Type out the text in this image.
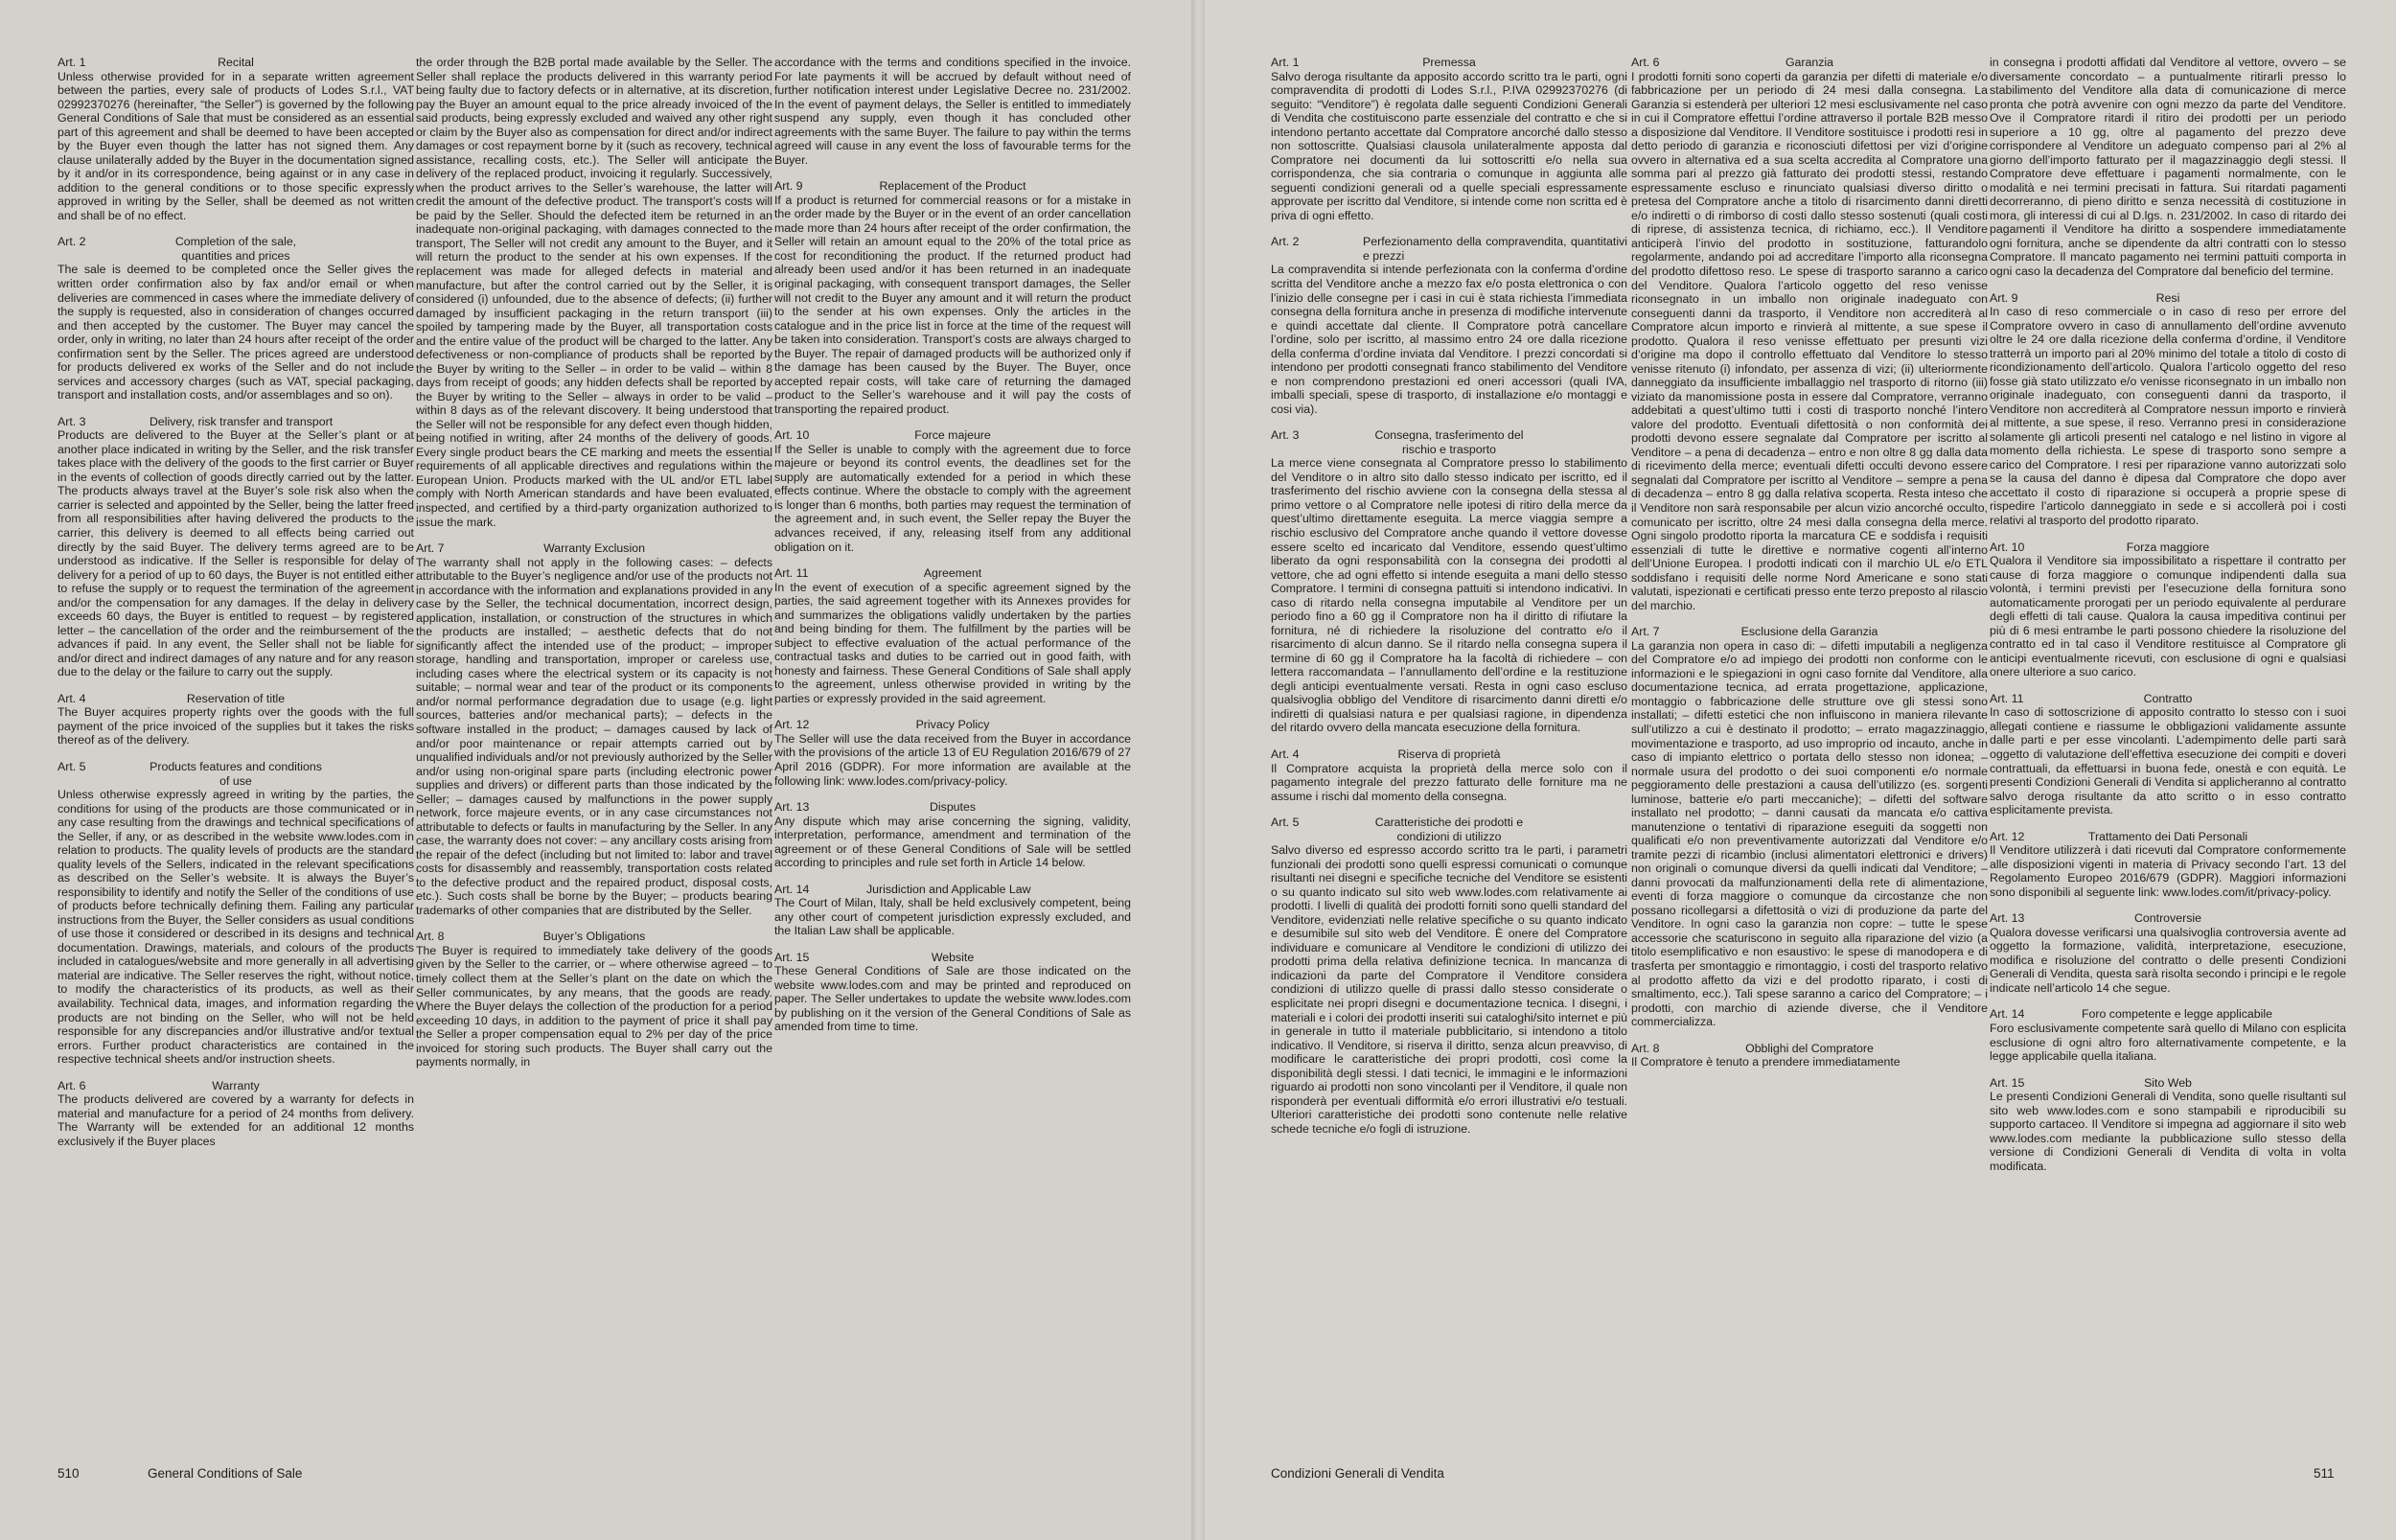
Art. 1	Recital

Unless otherwise provided for in a separate written agreement between the parties, every sale of products of Lodes S.r.l., VAT 02992370276 (hereinafter, “the Seller”) is governed by the following General Conditions of Sale that must be considered as an essential part of this agreement and shall be deemed to have been accepted by the Buyer even though the latter has not signed them. Any clause unilaterally added by the Buyer in the documentation signed by it and/or in its correspondence, being against or in any case in addition to the general conditions or to those specific expressly approved in writing by the Seller, shall be deemed as not written and shall be of no effect.

Art. 2	Completion of the sale, quantities and prices

The sale is deemed to be completed once the Seller gives the written order confirmation also by fax and/or email or when deliveries are commenced in cases where the immediate delivery of the supply is requested, also in consideration of changes occurred and then accepted by the customer. The Buyer may cancel the order, only in writing, no later than 24 hours after receipt of the order confirmation sent by the Seller. The prices agreed are understood for products delivered ex works of the Seller and do not include services and accessory charges (such as VAT, special packaging, transport and installation costs, and/or assemblages and so on).

Art. 3	Delivery, risk transfer and transport

Products are delivered to the Buyer at the Seller’s plant or at another place indicated in writing by the Seller, and the risk transfer takes place with the delivery of the goods to the first carrier or Buyer in the events of collection of goods directly carried out by the latter. The products always travel at the Buyer’s sole risk also when the carrier is selected and appointed by the Seller, being the latter freed from all responsibilities after having delivered the products to the carrier, this delivery is deemed to all effects being carried out directly by the said Buyer. The delivery terms agreed are to be understood as indicative. If the Seller is responsible for delay of delivery for a period of up to 60 days, the Buyer is not entitled either to refuse the supply or to request the termination of the agreement and/or the compensation for any damages. If the delay in delivery exceeds 60 days, the Buyer is entitled to request – by registered letter – the cancellation of the order and the reimbursement of the advances if paid. In any event, the Seller shall not be liable for and/or direct and indirect damages of any nature and for any reason due to the delay or the failure to carry out the supply.

Art. 4	Reservation of title

The Buyer acquires property rights over the goods with the full payment of the price invoiced of the supplies but it takes the risks thereof as of the delivery.

Art. 5	Products features and conditions of use

Unless otherwise expressly agreed in writing by the parties, the conditions for using of the products are those communicated or in any case resulting from the drawings and technical specifications of the Seller, if any, or as described in the website www.lodes.com in relation to products. The quality levels of products are the standard quality levels of the Sellers, indicated in the relevant specifications as described on the Seller’s website. It is always the Buyer’s responsibility to identify and notify the Seller of the conditions of use of products before technically defining them. Failing any particular instructions from the Buyer, the Seller considers as usual conditions of use those it considered or described in its designs and technical documentation. Drawings, materials, and colours of the products included in catalogues/website and more generally in all advertising material are indicative. The Seller reserves the right, without notice, to modify the characteristics of its products, as well as their availability. Technical data, images, and information regarding the products are not binding on the Seller, who will not be held responsible for any discrepancies and/or illustrative and/or textual errors. Further product characteristics are contained in the respective technical sheets and/or instruction sheets.

Art. 6	Warranty

The products delivered are covered by a warranty for defects in material and manufacture for a period of 24 months from delivery. The Warranty will be extended for an additional 12 months exclusively if the Buyer places

the order through the B2B portal made available by the Seller. The Seller shall replace the products delivered in this warranty period being faulty due to factory defects or in alternative, at its discretion, pay the Buyer an amount equal to the price already invoiced of the said products, being expressly excluded and waived any other right or claim by the Buyer also as compensation for direct and/or indirect damages or cost repayment borne by it (such as recovery, technical assistance, recalling costs, etc.). The Seller will anticipate the delivery of the replaced product, invoicing it regularly. Successively, when the product arrives to the Seller’s warehouse, the latter will credit the amount of the defective product. The transport’s costs will be paid by the Seller. Should the defected item be returned in an inadequate non-original packaging, with damages connected to the transport, The Seller will not credit any amount to the Buyer, and it will return the product to the sender at his own expenses. If the replacement was made for alleged defects in material and manufacture, but after the control carried out by the Seller, it is considered (i) unfounded, due to the absence of defects; (ii) further damaged by insufficient packaging in the return transport (iii) spoiled by tampering made by the Buyer, all transportation costs and the entire value of the product will be charged to the latter. Any defectiveness or non-compliance of products shall be reported by the Buyer by writing to the Seller – in order to be valid – within 8 days from receipt of goods; any hidden defects shall be reported by the Buyer by writing to the Seller – always in order to be valid – within 8 days as of the relevant discovery. It being understood that the Seller will not be responsible for any defect even though hidden, being notified in writing, after 24 months of the delivery of goods. Every single product bears the CE marking and meets the essential requirements of all applicable directives and regulations within the European Union. Products marked with the UL and/or ETL label comply with North American standards and have been evaluated, inspected, and certified by a third-party organization authorized to issue the mark.

Art. 7	Warranty Exclusion

The warranty shall not apply in the following cases: – defects attributable to the Buyer’s negligence and/or use of the products not in accordance with the information and explanations provided in any case by the Seller, the technical documentation, incorrect design, application, installation, or construction of the structures in which the products are installed; – aesthetic defects that do not significantly affect the intended use of the product; – improper storage, handling and transportation, improper or careless use, including cases where the electrical system or its capacity is not suitable; – normal wear and tear of the product or its components and/or normal performance degradation due to usage (e.g. light sources, batteries and/or mechanical parts); – defects in the software installed in the product; – damages caused by lack of and/or poor maintenance or repair attempts carried out by unqualified individuals and/or not previously authorized by the Seller and/or using non-original spare parts (including electronic power supplies and drivers) or different parts than those indicated by the Seller; – damages caused by malfunctions in the power supply network, force majeure events, or in any case circumstances not attributable to defects or faults in manufacturing by the Seller. In any case, the warranty does not cover: – any ancillary costs arising from the repair of the defect (including but not limited to: labor and travel costs for disassembly and reassembly, transportation costs related to the defective product and the repaired product, disposal costs, etc.). Such costs shall be borne by the Buyer; – products bearing trademarks of other companies that are distributed by the Seller.

Art. 8	Buyer’s Obligations

The Buyer is required to immediately take delivery of the goods given by the Seller to the carrier, or – where otherwise agreed – to timely collect them at the Seller’s plant on the date on which the Seller communicates, by any means, that the goods are ready. Where the Buyer delays the collection of the production for a period exceeding 10 days, in addition to the payment of price it shall pay the Seller a proper compensation equal to 2% per day of the price invoiced for storing such products. The Buyer shall carry out the payments normally, in

accordance with the terms and conditions specified in the invoice. For late payments it will be accrued by default without need of further notification interest under Legislative Decree no. 231/2002. In the event of payment delays, the Seller is entitled to immediately suspend any supply, even though it has concluded other agreements with the same Buyer. The failure to pay within the terms agreed will cause in any event the loss of favourable terms for the Buyer.

Art. 9	Replacement of the Product

If a product is returned for commercial reasons or for a mistake in the order made by the Buyer or in the event of an order cancellation made more than 24 hours after receipt of the order confirmation, the Seller will retain an amount equal to the 20% of the total price as cost for reconditioning the product. If the returned product had already been used and/or it has been returned in an inadequate original packaging, with consequent transport damages, the Seller will not credit to the Buyer any amount and it will return the product to the sender at his own expenses. Only the articles in the catalogue and in the price list in force at the time of the request will be taken into consideration. Transport’s costs are always charged to the Buyer. The repair of damaged products will be authorized only if the damage has been caused by the Buyer. The Buyer, once accepted repair costs, will take care of returning the damaged product to the Seller’s warehouse and it will pay the costs of transporting the repaired product.

Art. 10	Force majeure

If the Seller is unable to comply with the agreement due to force majeure or beyond its control events, the deadlines set for the supply are automatically extended for a period in which these effects continue. Where the obstacle to comply with the agreement is longer than 6 months, both parties may request the termination of the agreement and, in such event, the Seller repay the Buyer the advances received, if any, releasing itself from any additional obligation on it.

Art. 11	Agreement

In the event of execution of a specific agreement signed by the parties, the said agreement together with its Annexes provides for and summarizes the obligations validly undertaken by the parties and being binding for them. The fulfillment by the parties will be subject to effective evaluation of the actual performance of the contractual tasks and duties to be carried out in good faith, with honesty and fairness. These General Conditions of Sale shall apply to the agreement, unless otherwise provided in writing by the parties or expressly provided in the said agreement.

Art. 12	Privacy Policy

The Seller will use the data received from the Buyer in accordance with the provisions of the article 13 of EU Regulation 2016/679 of 27 April 2016 (GDPR). For more information are available at the following link: www.lodes.com/privacy-policy.

Art. 13	Disputes

Any dispute which may arise concerning the signing, validity, interpretation, performance, amendment and termination of the agreement or of these General Conditions of Sale will be settled according to principles and rule set forth in Article 14 below.

Art. 14	Jurisdiction and Applicable Law

The Court of Milan, Italy, shall be held exclusively competent, being any other court of competent jurisdiction expressly excluded, and the Italian Law shall be applicable.

Art. 15	Website

These General Conditions of Sale are those indicated on the website www.lodes.com and may be printed and reproduced on paper. The Seller undertakes to update the website www.lodes.com by publishing on it the version of the General Conditions of Sale as amended from time to time.

510	General Conditions of Sale
Art. 1	Premessa

Salvo deroga risultante da apposito accordo scritto tra le parti, ogni compravendita di prodotti di Lodes S.r.l., P.IVA 02992370276 (di seguito: “Venditore”) è regolata dalle seguenti Condizioni Generali di Vendita che costituiscono parte essenziale del contratto e che si intendono pertanto accettate dal Compratore ancorché dallo stesso non sottoscritte. Qualsiasi clausola unilateralmente apposta dal Compratore nei documenti da lui sottoscritti e/o nella sua corrispondenza, che sia contraria o comunque in aggiunta alle seguenti condizioni generali od a quelle speciali espressamente approvate per iscritto dal Venditore, si intende come non scritta ed è priva di ogni effetto.

Art. 2	Perfezionamento della compravendita, quantitativi e prezzi

La compravendita si intende perfezionata con la conferma d’ordine scritta del Venditore anche a mezzo fax e/o posta elettronica o con l’inizio delle consegne per i casi in cui è stata richiesta l’immediata consegna della fornitura anche in presenza di modifiche intervenute e quindi accettate dal cliente. Il Compratore potrà cancellare l’ordine, solo per iscritto, al massimo entro 24 ore dalla ricezione della conferma d’ordine inviata dal Venditore. I prezzi concordati si intendono per prodotti consegnati franco stabilimento del Venditore e non comprendono prestazioni ed oneri accessori (quali IVA, imballi speciali, spese di trasporto, di installazione e/o montaggi e cosi via).

Art. 3	Consegna, trasferimento del rischio e trasporto

La merce viene consegnata al Compratore presso lo stabilimento del Venditore o in altro sito dallo stesso indicato per iscritto, ed il trasferimento del rischio avviene con la consegna della stessa al primo vettore o al Compratore nelle ipotesi di ritiro della merce da quest’ultimo direttamente eseguita. La merce viaggia sempre a rischio esclusivo del Compratore anche quando il vettore dovesse essere scelto ed incaricato dal Venditore, essendo quest’ultimo liberato da ogni responsabilità con la consegna dei prodotti al vettore, che ad ogni effetto si intende eseguita a mani dello stesso Compratore. I termini di consegna pattuiti si intendono indicativi. In caso di ritardo nella consegna imputabile al Venditore per un periodo fino a 60 gg il Compratore non ha il diritto di rifiutare la fornitura, né di richiedere la risoluzione del contratto e/o il risarcimento di alcun danno. Se il ritardo nella consegna supera il termine di 60 gg il Compratore ha la facoltà di richiedere – con lettera raccomandata – l’annullamento dell’ordine e la restituzione degli anticipi eventualmente versati. Resta in ogni caso escluso qualsivoglia obbligo del Venditore di risarcimento danni diretti e/o indiretti di qualsiasi natura e per qualsiasi ragione, in dipendenza del ritardo ovvero della mancata esecuzione della fornitura.

Art. 4	Riserva di proprietà

Il Compratore acquista la proprietà della merce solo con il pagamento integrale del prezzo fatturato delle forniture ma ne assume i rischi dal momento della consegna.

Art. 5	Caratteristiche dei prodotti e condizioni di utilizzo

Salvo diverso ed espresso accordo scritto tra le parti, i parametri funzionali dei prodotti sono quelli espressi comunicati o comunque risultanti nei disegni e specifiche tecniche del Venditore se esistenti o su quanto indicato sul sito web www.lodes.com relativamente ai prodotti. I livelli di qualità dei prodotti forniti sono quelli standard del Venditore, evidenziati nelle relative specifiche o su quanto indicato e desumibile sul sito web del Venditore. È onere del Compratore individuare e comunicare al Venditore le condizioni di utilizzo dei prodotti prima della relativa definizione tecnica. In mancanza di indicazioni da parte del Compratore il Venditore considera condizioni di utilizzo quelle di prassi dallo stesso considerate o esplicitate nei propri disegni e documentazione tecnica. I disegni, i materiali e i colori dei prodotti inseriti sui cataloghi/sito internet e più in generale in tutto il materiale pubblicitario, si intendono a titolo indicativo. Il Venditore, si riserva il diritto, senza alcun preavviso, di modificare le caratteristiche dei propri prodotti, così come la disponibilità degli stessi. I dati tecnici, le immagini e le informazioni riguardo ai prodotti non sono vincolanti per il Venditore, il quale non risponderà per eventuali difformità e/o errori illustrativi e/o testuali. Ulteriori caratteristiche dei prodotti sono contenute nelle relative schede tecniche e/o fogli di istruzione.

Art. 6	Garanzia

I prodotti forniti sono coperti da garanzia per difetti di materiale e/o fabbricazione per un periodo di 24 mesi dalla consegna. La Garanzia si estenderà per ulteriori 12 mesi esclusivamente nel caso in cui il Compratore effettui l’ordine attraverso il portale B2B messo a disposizione dal Venditore. Il Venditore sostituisce i prodotti resi in detto periodo di garanzia e riconosciuti difettosi per vizi d’origine ovvero in alternativa ed a sua scelta accredita al Compratore una somma pari al prezzo già fatturato dei prodotti stessi, restando espressamente escluso e rinunciato qualsiasi diverso diritto o pretesa del Compratore anche a titolo di risarcimento danni diretti e/o indiretti o di rimborso di costi dallo stesso sostenuti (quali costi di riprese, di assistenza tecnica, di richiamo, ecc.). Il Venditore anticiperà l’invio del prodotto in sostituzione, fatturandolo regolarmente, andando poi ad accreditare l’importo alla riconsegna del prodotto difettoso reso. Le spese di trasporto saranno a carico del Venditore. Qualora l’articolo oggetto del reso venisse riconsegnato in un imballo non originale inadeguato con conseguenti danni da trasporto, il Venditore non accrediterà al Compratore alcun importo e rinvierà al mittente, a sue spese il prodotto. Qualora il reso venisse effettuato per presunti vizi d’origine ma dopo il controllo effettuato dal Venditore lo stesso venisse ritenuto (i) infondato, per assenza di vizi; (ii) ulteriormente danneggiato da insufficiente imballaggio nel trasporto di ritorno (iii) viziato da manomissione posta in essere dal Compratore, verranno addebitati a quest’ultimo tutti i costi di trasporto nonché l’intero valore del prodotto. Eventuali difettosità o non conformità dei prodotti devono essere segnalate dal Compratore per iscritto al Venditore – a pena di decadenza – entro e non oltre 8 gg dalla data di ricevimento della merce; eventuali difetti occulti devono essere segnalati dal Compratore per iscritto al Venditore – sempre a pena di decadenza – entro 8 gg dalla relativa scoperta. Resta inteso che il Venditore non sarà responsabile per alcun vizio ancorché occulto, comunicato per iscritto, oltre 24 mesi dalla consegna della merce. Ogni singolo prodotto riporta la marcatura CE e soddisfa i requisiti essenziali di tutte le direttive e normative cogenti all’interno dell’Unione Europea. I prodotti indicati con il marchio UL e/o ETL soddisfano i requisiti delle norme Nord Americane e sono stati valutati, ispezionati e certificati presso ente terzo preposto al rilascio del marchio.

Art. 7	Esclusione della Garanzia

La garanzia non opera in caso di: – difetti imputabili a negligenza del Compratore e/o ad impiego dei prodotti non conforme con le informazioni e le spiegazioni in ogni caso fornite dal Venditore, alla documentazione tecnica, ad errata progettazione, applicazione, montaggio o fabbricazione delle strutture ove gli stessi sono installati; – difetti estetici che non influiscono in maniera rilevante sull’utilizzo a cui è destinato il prodotto; – errato magazzinaggio, movimentazione e trasporto, ad uso improprio od incauto, anche in caso di impianto elettrico o portata dello stesso non idonea; – normale usura del prodotto o dei suoi componenti e/o normale peggioramento delle prestazioni a causa dell’utilizzo (es. sorgenti luminose, batterie e/o parti meccaniche); – difetti del software installato nel prodotto; – danni causati da mancata e/o cattiva manutenzione o tentativi di riparazione eseguiti da soggetti non qualificati e/o non preventivamente autorizzati dal Venditore e/o tramite pezzi di ricambio (inclusi alimentatori elettronici e drivers) non originali o comunque diversi da quelli indicati dal Venditore; – danni provocati da malfunzionamenti della rete di alimentazione, eventi di forza maggiore o comunque da circostanze che non possano ricollegarsi a difettosità o vizi di produzione da parte del Venditore. In ogni caso la garanzia non copre: – tutte le spese accessorie che scaturiscono in seguito alla riparazione del vizio (a titolo esemplificativo e non esaustivo: le spese di manodopera e di trasferta per smontaggio e rimontaggio, i costi del trasporto relativo al prodotto affetto da vizi e del prodotto riparato, i costi di smaltimento, ecc.). Tali spese saranno a carico del Compratore; – i prodotti, con marchio di aziende diverse, che il Venditore commercializza.

Art. 8	Obblighi del Compratore

Il Compratore è tenuto a prendere immediatamente

in consegna i prodotti affidati dal Venditore al vettore, ovvero – se diversamente concordato – a puntualmente ritirarli presso lo stabilimento del Venditore alla data di comunicazione di merce pronta che potrà avvenire con ogni mezzo da parte del Venditore. Ove il Compratore ritardi il ritiro dei prodotti per un periodo superiore a 10 gg, oltre al pagamento del prezzo deve corrispondere al Venditore un adeguato compenso pari al 2% al giorno dell’importo fatturato per il magazzinaggio degli stessi. Il Compratore deve effettuare i pagamenti normalmente, con le modalità e nei termini precisati in fattura. Sui ritardati pagamenti decorreranno, di pieno diritto e senza necessità di costituzione in mora, gli interessi di cui al D.lgs. n. 231/2002. In caso di ritardo dei pagamenti il Venditore ha diritto a sospendere immediatamente ogni fornitura, anche se dipendente da altri contratti con lo stesso Compratore. Il mancato pagamento nei termini pattuiti comporta in ogni caso la decadenza del Compratore dal beneficio del termine.

Art. 9	Resi

In caso di reso commerciale o in caso di reso per errore del Compratore ovvero in caso di annullamento dell’ordine avvenuto oltre le 24 ore dalla ricezione della conferma d’ordine, il Venditore tratterrà un importo pari al 20% minimo del totale a titolo di costo di ricondizionamento dell’articolo. Qualora l’articolo oggetto del reso fosse già stato utilizzato e/o venisse riconsegnato in un imballo non originale inadeguato, con conseguenti danni da trasporto, il Venditore non accrediterà al Compratore nessun importo e rinvierà al mittente, a sue spese, il reso. Verranno presi in considerazione solamente gli articoli presenti nel catalogo e nel listino in vigore al momento della richiesta. Le spese di trasporto sono sempre a carico del Compratore. I resi per riparazione vanno autorizzati solo se la causa del danno è dipesa dal Compratore che dopo aver accettato il costo di riparazione si occuperà a proprie spese di rispedire l’articolo danneggiato in sede e si accollerà poi i costi relativi al trasporto del prodotto riparato.

Art. 10	Forza maggiore

Qualora il Venditore sia impossibilitato a rispettare il contratto per cause di forza maggiore o comunque indipendenti dalla sua volontà, i termini previsti per l’esecuzione della fornitura sono automaticamente prorogati per un periodo equivalente al perdurare degli effetti di tali cause. Qualora la causa impeditiva continui per più di 6 mesi entrambe le parti possono chiedere la risoluzione del contratto ed in tal caso il Venditore restituisce al Compratore gli anticipi eventualmente ricevuti, con esclusione di ogni e qualsiasi onere ulteriore a suo carico.

Art. 11	Contratto

In caso di sottoscrizione di apposito contratto lo stesso con i suoi allegati contiene e riassume le obbligazioni validamente assunte dalle parti e per esse vincolanti. L’adempimento delle parti sarà oggetto di valutazione dell’effettiva esecuzione dei compiti e doveri contrattuali, da effettuarsi in buona fede, onestà e con equità. Le presenti Condizioni Generali di Vendita si applicheranno al contratto salvo deroga risultante da atto scritto o in esso contratto esplicitamente prevista.

Art. 12	Trattamento dei Dati Personali

Il Venditore utilizzerà i dati ricevuti dal Compratore conformemente alle disposizioni vigenti in materia di Privacy secondo l’art. 13 del Regolamento Europeo 2016/679 (GDPR). Maggiori informazioni sono disponibili al seguente link: www.lodes.com/it/privacy-policy.

Art. 13	Controversie

Qualora dovesse verificarsi una qualsivoglia controversia avente ad oggetto la formazione, validità, interpretazione, esecuzione, modifica e risoluzione del contratto o delle presenti Condizioni Generali di Vendita, questa sarà risolta secondo i principi e le regole indicate nell’articolo 14 che segue.

Art. 14	Foro competente e legge applicabile

Foro esclusivamente competente sarà quello di Milano con esplicita esclusione di ogni altro foro alternativamente competente, e la legge applicabile quella italiana.

Art. 15	Sito Web

Le presenti Condizioni Generali di Vendita, sono quelle risultanti sul sito web www.lodes.com e sono stampabili e riproducibili su supporto cartaceo. Il Venditore si impegna ad aggiornare il sito web www.lodes.com mediante la pubblicazione sullo stesso della versione di Condizioni Generali di Vendita di volta in volta modificata.

Condizioni Generali di Vendita	511
